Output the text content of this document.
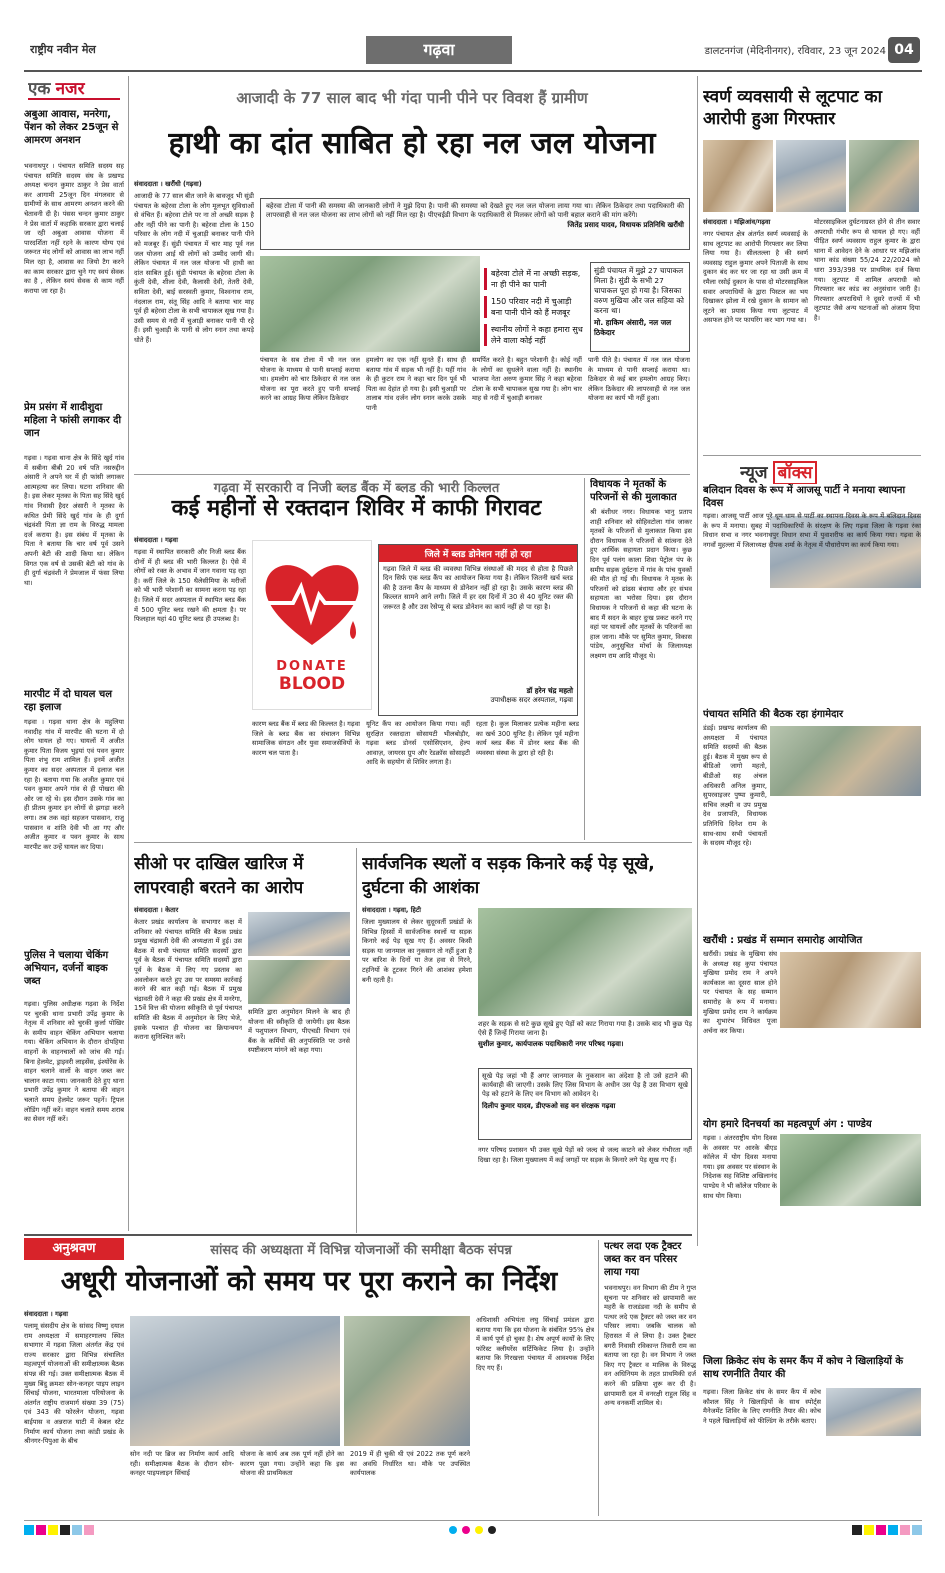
राष्ट्रीय नवीन मेल	गढ़वा	डालटनगंज (मेदिनीनगर), रविवार, 23 जून 2024 04
एक नजर
अबुआ आवास, मनरेगा, पेंशन को लेकर 25जून से आमरण अनशन
भवनाथपुर । पंचायत समिति सदस्य सह पंचायत समिति सदस्य संघ के प्रखण्ड अध्यक्ष चन्दन कुमार ठाकुर ने प्रेस वार्ता कर आगामी 25जून दिन मंगलवार से ग्रामीणों के साथ आमरण अनशन करने की चेतावनी दी है। पंसस चन्दन कुमार ठाकुर ने प्रेस वार्ता में कहाकि सरकार द्वारा चलाई जा रही अबुआ आवास योजना में पारदर्शिता नहीं रहने के कारण योग्य एवं जरूरत मंद लोगों को आवास का लाभ नहीं मिल रहा है, आवास का जियो टैग करने का काम सरकार द्वारा चुने गए स्वयं सेवक का है , लेकिन स्वयं सेवक से काम नहीं कराया जा रहा है।
प्रेम प्रसंग में शादीशुदा महिला ने फांसी लगाकर दी जान
गढ़वा । गढ़वा थाना क्षेत्र के सिंदे खुर्द गांव में सबीना बीबी 20 वर्ष पति नसरुद्दीन अंसारी ने अपने घर में ही फांसी लगाकर आत्महत्या कर लिया। घटना शनिवार की है। इस लेकर मृतका के पिता सह सिंदे खुर्द गांव निवासी हैदर अंसारी ने मृतका के कथित प्रेमी सिंदे खुर्द गांव के ही दुर्गा चंद्रवंशी पिता ज्ञा राम के विरुद्ध मामला दर्ज कराया है। इस संबंध में मृतका के पिता ने बताया कि चार वर्ष पूर्व उसने अपनी बेटी की शादी किया था। लेकिन विगत एक वर्ष से उसकी बेटी को गांव के ही दुर्गा चंद्रवंशी ने प्रेमजाल में फंसा लिया था।
मारपीट में दो घायल चल रहा इलाज
गढ़वा । गढ़वा थाना क्षेत्र के महुलिया नवादीह गांव में मारपीट की घटना में दो लोग घायल हो गए। घायलों में अजीत कुमार पिता विजय भुइयां एवं पवन कुमार पिता शंभु राम शामिल हैं। इनमें अजीत कुमार का सदर अस्पताल में इलाज चल रहा है। बताया गया कि अजीत कुमार एवं पवन कुमार अपने गांव से ही पोखरा की ओर जा रहे थे। इस दौरान उसके गांव का ही प्रीतम कुमार इन लोगों से झगड़ा करने लगा। तब तक वहां सहजन पासवान, राजु पासवान व शांति देवी भी आ गए और अजीत कुमार व पवन कुमार के साथ मारपीट कर उन्हें घायल कर दिया।
पुलिस ने चलाया चेकिंग अभियान, दर्जनों बाइक जब्त
गढ़वा। पुलिस अधीक्षक गढ़वा के निर्देश पर चुरकी थाना प्रभारी उपेंद्र कुमार के नेतृत्व में शनिवार को चुरकी कुर्ला पोखिर के समीप वाहन चेकिंग अभियान चलाया गया। चेकिंग अभियान के दौरान दोपहिया वाहनों के वाहनचालों को जांच की गई। बिना हेलमेट, ड्राइवरी लाइसेंस, इंश्योरेंस के वाहन चलाने वालों के वाहन जब्त कर चालान काटा गया। जानकारी देते हुए थाना प्रभारी उपेंद्र कुमार ने बताया की वाहन चलाते समय हेलमेट जरूर पहनें। ट्रिपल लोडिंग नहीं करें। वाहन चलाते समय शराब का सेवन नहीं करें।
आजादी के 77 साल बाद भी गंदा पानी पीने पर विवश हैं ग्रामीण
हाथी का दांत साबित हो रहा नल जल योजना
संवाददाता । खरौंधी (गढ़वा)
आजादी के 77 साल बीत जाने के बावजूद भी सुंडी पंचायत के बहेरवा टोला के लोग मूलभूत सुविधाओं से वंचित हैं। बहेरवा टोले पर ना तो अच्छी सड़क है और नहीं पीने का पानी है। बहेरवा टोला के 150 परिवार के लोग नदी में चुआड़ी बनाकर पानी पीने को मजबूर हैं। सुंडी पंचायत में चार माह पूर्व नल जल योजना आई थी लोगों को उम्मीद जागी थी। लेकिन पंचायत में नल जल योजना भी हाथी का दांत साबित हुई। सुंडी पंचायत के बहेरवा टोला के कुंती देवी, शीला देवी, कैलासी देवी, तेतरी देवी, सविता देवी, बाई सरस्वती कुमार, विश्वनाथ राम, नंदलाल राम, संतू सिंह आदि ने बताया चार माह पूर्व ही बहेरवा टोला के सभी चापाकल सूख गया है। उसी समय से नदी में चुआड़ी बनाकर पानी पी रहे हैं। इसी चुआड़ी के पानी से लोग स्नान तथा कपड़े धोते हैं।
बहेरवा टोला में पानी की समस्या की जानकारी लोगों ने मुझे दिया है। पानी की समस्या को देखते हुए नल जल योजना लाया गया था। लेकिन ठिकेदार तथा पदाधिकारी की लापरवाही से नल जल योजना का लाभ लोगों को नहीं मिल रहा है। पीएचईडी विभाग के पदाधिकारी से मिलकर लोगों को पानी बहाल कराने की मांग करेंगे।
जितेंद्र प्रसाद यादव, विधायक प्रतिनिधि खरौंधी
बहेरवा टोले में ना अच्छी सड़क, ना ही पीने का पानी
150 परिवार नदी में चुआड़ी बना पानी पीने को हैं मजबूर
स्थानीय लोगों ने कहा हमारा सुध लेने वाला कोई नहीं
सुंडी पंचायत में मुझे 27 चापाकल मिला है। सुंडी के सभी 27 चापाकल पूरा हो गया है। जिसका वरुण मुखिया और जल सहिया को करना था।
मो. हाकिम अंसारी, नल जल ठिकेदार
पंचायत के सब टोला में भी नल जल योजना के माध्यम से पानी सप्लाई कराया था। हमलोग को चार ठिकेदार से नल जल योजना का पूरा करते हुए पानी सप्लाई करने का आग्रह किया लेकिन ठिकेदार
हमलोग का एक नहीं सुनते हैं। साथ ही बताया गांव में सड़क भी नहीं है। यहीं गांव के ही कुटन राम ने कहा चार दिन पूर्व भी पिता का देहांत हो गया है। इसी चुआड़ी पर तालाब गांव दर्जन लोग स्नान करके उसके पानी
समर्पित करते है। बहुत परेशानी है। कोई नहीं के लोगों का सुधलेने वाला नहीं है। स्थानीय भाजपा नेता अरुण कुमार सिंह ने कहा बहेरवा टोला के सभी चापाकल सुख गया है। लोग चार माह से नदी में चुआड़ी बनाकर
पानी पीते है। पंचायत में नल जल योजना के माध्यम से पानी सप्लाई कराया था। ठिकेदार से कई बार हमलोग आग्रह किए। लेकिन ठिकेदार की लापरवाही से नल जल योजना का कार्य भी नहीं हुआ।
स्वर्ण व्यवसायी से लूटपाट का आरोपी हुआ गिरफ्तार
संवाददाता । मझिआंव/गढ़वा
नगर पंचायत क्षेत्र अंतर्गत स्वर्ण व्यवसाई के साथ लूटपाट का आरोपी गिरफ्तार कर लिया लिया गया है। सीलतल्ला है की स्वर्ण व्यवसाइ राहुल कुमार अपने पिताजी के साथ दुकान बंद कर घर जा रहा था उसी क्रम में रमैला रसोई दुकान के पास दो मोटरसाइकिल सवार अपराधियों के द्वारा पिस्टल का भय दिखाकर झोला में रखे दुकान के सामान को लूटने का प्रयास किया गया लूटपाट में असफल होने पर फायरिंग कर भाग गया था।
मोटरसाइकिल दुर्घटनाग्रस्त होने से तीन सवार अपराधी गंभीर रूप से घायल हो गए। वहीं पीड़ित स्वर्ण व्यवसाय राहुल कुमार के द्वारा थाना में आवेदन देने के आधार पर मझिआंव थाना कांड संख्या 55/24 22/2024 को धारा 393/398 पर प्राथमिक दर्ज किया गया। लूटपाट में शामिल अपराधी को गिरफ्तार कर कांड का अनुसंधान जारी है। गिरफ्तार अपराधियों ने दूसरे राज्यों में भी लूटपाट जैसे अन्य घटनाओं को अंजाम दिया है।
गढ़वा में सरकारी व निजी ब्लड बैंक में ब्लड की भारी किल्लत
कई महीनों से रक्तदान शिविर में काफी गिरावट
संवाददाता । गढ़वा
गढ़वा में स्थापित सरकारी और निजी ब्लड बैंक दोनों में ही ब्लड की भारी किल्लत है। ऐसे में लोगों को रक्त के अभाव में जान गवाना पड़ रहा है। करीं जिले के 150 थैलेसीमिया के मरीजों को भी भारी परेशानी का सामना करना पड़ रहा है। जिले में सदर अस्पताल में स्थापित ब्लड बैंक में 500 यूनिट ब्लड रखने की क्षमता है। पर फिलहाल यहां 40 यूनिट ब्लड ही उपलब्ध है।
DONATE
BLOOD
जिले में ब्लड डोनेशन नहीं हो रहा
गढ़वा जिले में ब्लड की व्यवस्था विभिन्न संस्थाओं की मदद से होता है पिछले दिन सिर्फ एक ब्लड कैंप का आयोजन किया गया है। लेकिन जितनी खर्च ब्लड की है उतना कैंप के माध्यम से डोनेशन नहीं हो रहा है। उसके कारण ब्लड की किल्लत सामने आने लगी। जिले में हर दस दिनों में 30 से 40 यूनिट रक्त की जरूरत है और उस रेसेप्यू से ब्लड डोनेशन का कार्य नहीं हो पा रहा है।
डॉ हरेन चंद्र महतो
उपाधीक्षक सदर अस्पताल, गढ़वा
कारण ब्लड बैंक में ब्लड की किल्लत है। गढ़वा जिले के ब्लड बैंक का संचालन विभिन्न सामाजिक संगठन और युवा समाजसेवियों के कारण चल पाता है।
यूनिट कैंप का आयोजन किया गया। वहीं सुरक्षित रक्तदाता सोसायटी भीलबोड़ौर, गढ़वा ब्लड डोनर्स एसोसिएशन, हेल्प आवाज़, जायरस ग्रुप और रेडक्रॉस सोसाइटी आदि के सहयोग से शिविर लगता है।
रहता है। कुल मिलाकर प्रत्येक महीना ब्लड का खर्च 300 यूनिट है। लेकिन पूर्व महीना कार्य ब्लड बैंक में डोनर ब्लड बैंक की व्यवस्था संस्था के द्वारा हो रही है।
विधायक ने मृतकों के परिजनों से की मुलाकात
श्री बंशीधर नगर। विधायक भानु प्रताप शाही शनिवार को सोहिवटोला गांव जाकर मृतकों के परिजनों से मुलाकात किया इस दौरान विधायक ने परिजनों से सांत्वना देते हुए आर्थिक सहायता प्रदान किया। कुछ दिन पूर्व पलंग काला शिवा पेट्रोल पंप के समीप सड़क दुर्घटना में गांव के पांच युवकों की मौत हो गई थी। विधायक ने मृतक के परिजनों को ढांढस बंधाया और हर संभव सहायता का भरोसा दिया। इस दौरान विधायक ने परिजनों से कहा की घटना के बाद मैं सदन के बाहर दुःख प्रकट करने गए वहां पर घायलों और मृतकों के परिजनों का हाल जाना। मौके पर सुमित कुमार, विकास पांडेय, अनुसुचित मोर्चा के जिलाध्यक्ष लक्ष्मण राम आदि मौजूद थे।
न्यूज बॉक्स
बलिदान दिवस के रूप में आजसू पार्टी ने मनाया स्थापना दिवस
गढ़वा। आजसू पार्टी आज पूरे धूम धाम से पार्टी का स्थापना दिवस के रूप में बलिदान दिवस के रूप में मनाया। सुबह में पदाधिकारियों के संरक्षण के लिए गढ़वा जिला के गढ़वा रंका विधान सभा व नगर भवनाथपुर विधान सभा में युवाशरीफ का कार्य किया गया। गढ़वा के नगवाँ मुहल्ला में जिलाध्यक्ष दीपक शर्मा के नेतृत्व में पौधारोपण का कार्य किया गया।
पंचायत समिति की बैठक रहा हंगामेदार
डंडई। प्रखण्ड कार्यालय की अध्यक्षता में पंचायत समिति सदस्यों की बैठक हुई। बैठक में मुख्य रूप से बीडिओ जागो महतो, बीडीओ सह अंचल अधिकारी अनिल कुमार, सुपरवाइजर पुष्पा कुमारी, सचिव लक्ष्मी व उप प्रमुख देव प्रजापति, विधायक प्रतिनिधि दिनेश राम के साथ-साथ सभी पंचायतों के सदस्य मौजूद रहे।
खरौंधी : प्रखंड में सम्मान समारोह आयोजित
खरौंधी। प्रखंड के मुखिया संघ के अध्यक्ष सह कुपा पंचायत मुखिया प्रमोद राम ने अपने कार्यकाल का दूसरा साल होने पर पंचायत के सह सम्मान समारोह के रूप में मनाया। मुखिया प्रमोद राम ने कार्यक्रम का शुभारंभ विधिवत पूजा अर्चना कर किया।
योग हमारे दिनचर्या का महत्वपूर्ण अंग : पाण्डेय
गढ़वा । अंतरराष्ट्रीय योग दिवस के अवसर पर आरके बीएड कॉलेज में योग दिवस मनाया गया। इस अवसर पर संस्थान के निदेशक सह विशिष्ट अखिलानंद पाण्डेय ने भी कॉलेज परिवार के साथ योग किया।
जिला क्रिकेट संघ के समर कैंप में कोच ने खिलाड़ियों के साथ रणनीति तैयार की
गढ़वा। जिला क्रिकेट संघ के समर कैंप में कोच कौशल सिंह ने खिलाड़ियों के साथ स्पोर्ट्स मैनेजमेंट शिविर के लिए रणनीति तैयार की। कोच ने पहले खिलाड़ियों को फील्डिंग के तरीके बताए।
सीओ पर दाखिल खारिज में लापरवाही बरतने का आरोप
संवाददाता । केतार
केतार प्रखंड कार्यालय के सभागार कक्ष में शनिवार को पंचायत समिति की बैठक प्रखंड प्रमुख चंद्रावती देवी की अध्यक्षता में हुई। उस बैठक में सभी पंचायत समिति सदस्यों द्वारा पूर्व के बैठक में पंचायत समिति सदस्यों द्वारा पूर्व के बैठक में लिए गए प्रस्ताव का अवलोकन करते हुए उस पर समस्या कार्रवाई करने की बात कही गई। बैठक में प्रमुख चंद्रावती देवी ने कहा की प्रखंड क्षेत्र में मनरेगा, 15वें वित्त की योजना स्वीकृति से पूर्व पंचायत समिति की बैठक में अनुमोदन के लिए भेजे, इसके पश्चात ही योजना का क्रियान्वयन कराना सुनिश्चित करें।
समिति द्वारा अनुमोदन मिलने के बाद ही योजना की स्वीकृति दी जायेगी। इस बैठक में पशुपालन विभाग, पीएचडी विभाग एवं बैंक के कर्मियों की अनुपस्थिति पर उनसे स्पष्टीकरण मांगने को कहा गया।
सार्वजनिक स्थलों व सड़क किनारे कई पेड़ सूखे, दुर्घटना की आशंका
संवाददाता । गढ़वा, हिटी
जिला मुख्यालय से लेकर सुदूरवर्ती प्रखंडों के विभिन्न हिस्सों में सार्वजनिक स्थलों या सड़क किनारे कई पेड़ सूख गए हैं। अवसर किसी सड़क या जानमाल का नुकसान तो नहीं हुआ है पर बारिश के दिनों या तेज हवा से गिरने, टहनियों के टूटकर गिरने की आशंका हमेशा बनी रहती है।
शहर के सड़क से सटे कुछ सूखे हुए पेड़ों को काट गिराया गया है। उसके बाद भी कुछ पेड़ ऐसे हैं जिन्हें गिराया जाना है।
सुशील कुमार, कार्यपालक पदाधिकारी नगर परिषद गढ़वा।
सूखे पेड़ जहां भी हैं अगर जानमाल के नुकसान का अंदेशा है तो उसे हटाने की कार्यवाही की जाएगी। उसके लिए जिस विभाग के अधीन उस पेड़ है उस विभाग सूखे पेड़ को हटाने के लिए वन विभाग को आवेदन दे।
दिलीप कुमार यादव, डीएफओ सह वन संरक्षक गढ़वा
नगर परिषद प्रशासन भी उक्त सूखे पेड़ों को जल्द से जल्द काटने को लेकर गंभीरता नहीं दिखा रहा है। जिला मुख्यालय में कई जगहों पर सड़क के किनारे लगे पेड़ सूख गए हैं।
अनुश्रवण	सांसद की अध्यक्षता में विभिन्न योजनाओं की समीक्षा बैठक संपन्न
अधूरी योजनाओं को समय पर पूरा कराने का निर्देश
संवाददाता । गढ़वा
पलामू संसदीय क्षेत्र के सांसद विष्णु दयाल राम अध्यक्षता में समाहरणालय स्थित सभागार में गढ़वा जिला अंतर्गत केंद्र एवं राज्य सरकार द्वारा विभिन्न संचालित महत्वपूर्ण योजनाओं की समीक्षात्मक बैठक संपन्न की गई। उक्त समीक्षात्मक बैठक में मुख्य बिंदु क्रमशः सोन-कनहर पाइप लाइन सिंचाई योजना, भारतमाला परियोजना के अंतर्गत राष्ट्रीय राजमार्ग संख्या 39 (75) एवं 343 की फोरलेन योजना, गढ़वा बाईपास व अन्नराज घाटी में केबल स्टेट निर्माण कार्य योजना तथा कांडी प्रखंड के श्रीनगर-पिपुआ के बीच
सोन नदी पर ब्रिज का निर्माण कार्य आदि रही। समीक्षात्मक बैठक के दौरान सोन-कनहर पाइपलाइन सिंचाई
योजना के कार्य अब तक पूर्ण नहीं होने का कारण पूछा गया। उन्होंने कहा कि इस योजना की प्राथमिकता
2019 में ही चुकी थी एवं 2022 तक पूर्ण करने का अवधि निर्धारित था। मौके पर उपस्थित कार्यपालक
अधिशासी अभियंता लघु सिंचाई प्रमंडल द्वारा बताया गया कि इस योजना के संबंधित 95% क्षेत्र में कार्य पूर्ण हो चुका है। शेष अपूर्ण कार्यों के लिए फॉरेस्ट क्लीयरेंस सर्टिफिकेट लिया है। उन्होंने बताया कि गिरखत्ता पंचायत में आवश्यक निर्देश दिए गए हैं।
पत्थर लदा एक ट्रैक्टर जब्त कर वन परिसर लाया गया
भवनाथपुर। वन विभाग की टीम ने गुप्त सूचना पर शनिवार को छापामारी कर महरी के राजडंडवा नदी के समीप से पत्थर लदे एक ट्रैक्टर को जब्त कर वन परिसर लाया। जबकि चालक को हिरासत में ले लिया है। उक्त ट्रैक्टर बगरी निवासी रविकान्त तिवारी राम का बताया जा रहा है। वन विभाग ने जब्त किए गए ट्रैक्टर व मालिक के विरुद्ध वन अधिनियम के तहत प्राथमिकी दर्ज करने की प्रक्रिया शुरू कर दी है। छापामारी दल में वनरक्षी राहुल सिंह व अन्य वनकर्मी शामिल थे।
